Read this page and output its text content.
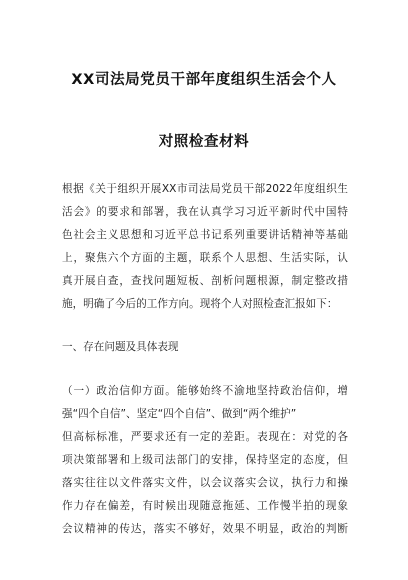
XX司法局党员干部年度组织生活会个人
对照检查材料
根据《关于组织开展XX市司法局党员干部2022年度组织生
活会》的要求和部署，我在认真学习习近平新时代中国特
色社会主义思想和习近平总书记系列重要讲话精神等基础
上，聚焦六个方面的主题，联系个人思想、生活实际，认
真开展自查，查找问题短板、剖析问题根源，制定整改措
施，明确了今后的工作方向。现将个人对照检查汇报如下：
一、存在问题及具体表现
（一）政治信仰方面。能够始终不渝地坚持政治信仰，增
强“四个自信”、坚定“四个自信”、做到“两个维护”
但高标标准，严要求还有一定的差距。表现在：对党的各
项决策部署和上级司法部门的安排，保持坚定的态度，但
落实往往以文件落实文件，以会议落实会议，执行力和操
作力存在偏差，有时候出现随意拖延、工作慢半拍的现象
会议精神的传达，落实不够好，效果不明显，政治的判断
